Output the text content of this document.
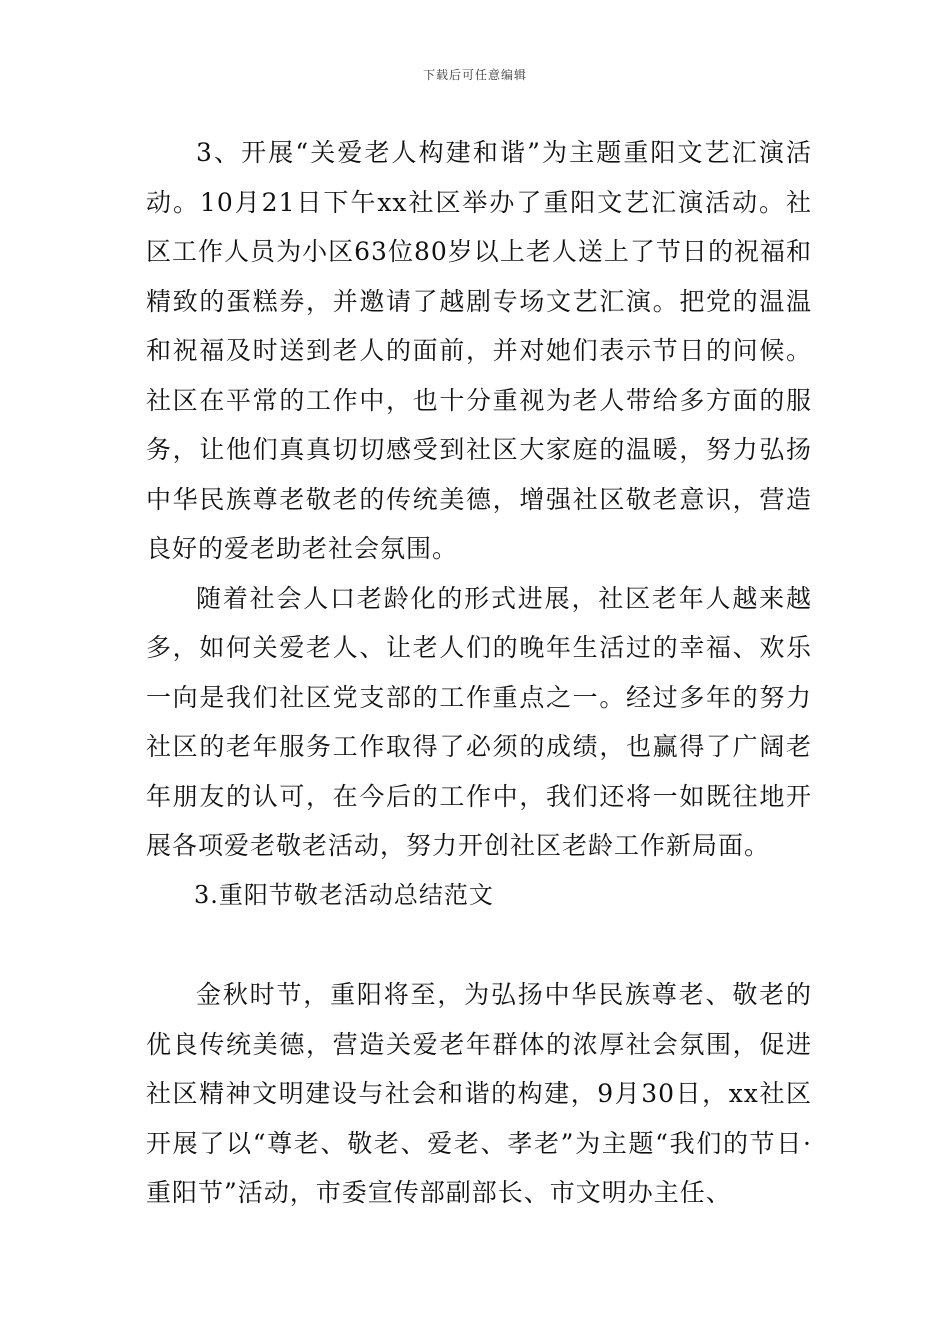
下载后可任意编辑

3、开展“关爱老人构建和谐”为主题重阳文艺汇演活动。10月21日下午xx社区举办了重阳文艺汇演活动。社区工作人员为小区63位80岁以上老人送上了节日的祝福和精致的蛋糕券，并邀请了越剧专场文艺汇演。把党的温温和祝福及时送到老人的面前，并对她们表示节日的问候。社区在平常的工作中，也十分重视为老人带给多方面的服务，让他们真真切切感受到社区大家庭的温暖，努力弘扬中华民族尊老敬老的传统美德，增强社区敬老意识，营造良好的爱老助老社会氛围。

随着社会人口老龄化的形式进展，社区老年人越来越多，如何关爱老人、让老人们的晚年生活过的幸福、欢乐一向是我们社区党支部的工作重点之一。经过多年的努力社区的老年服务工作取得了必须的成绩，也赢得了广阔老年朋友的认可，在今后的工作中，我们还将一如既往地开展各项爱老敬老活动，努力开创社区老龄工作新局面。

3.重阳节敬老活动总结范文

金秋时节，重阳将至，为弘扬中华民族尊老、敬老的优良传统美德，营造关爱老年群体的浓厚社会氛围，促进社区精神文明建设与社会和谐的构建，9月30日，xx社区开展了以“尊老、敬老、爱老、孝老”为主题“我们的节日·重阳节”活动，市委宣传部副部长、市文明办主任、
